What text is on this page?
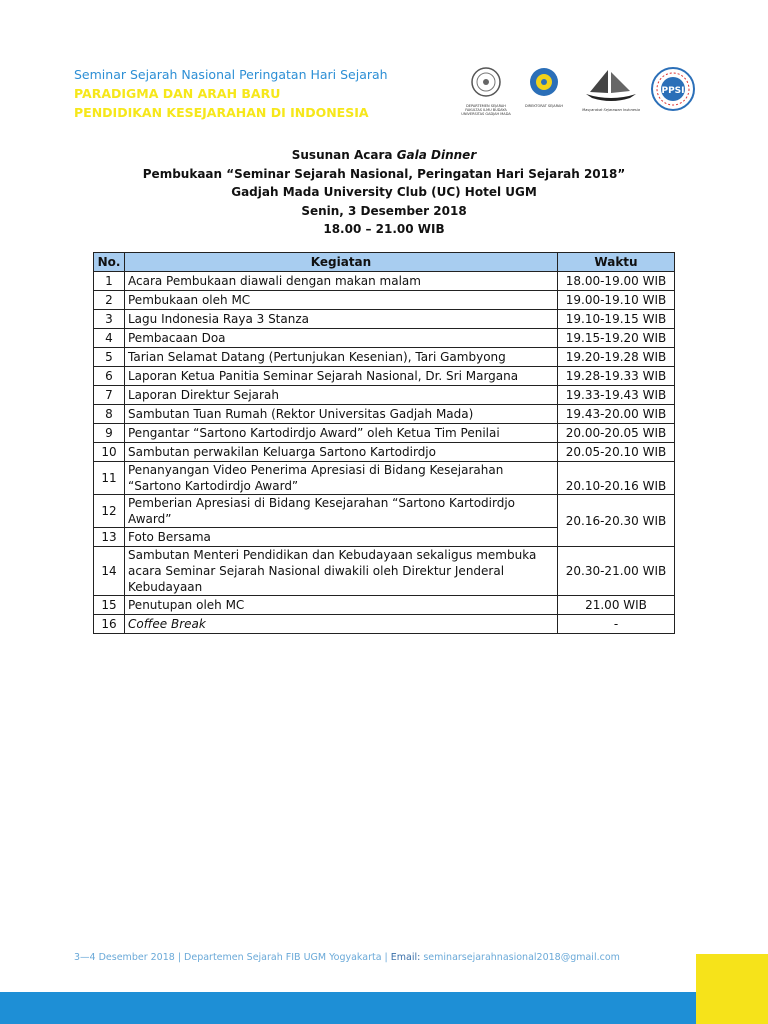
Seminar Sejarah Nasional Peringatan Hari Sejarah
PARADIGMA DAN ARAH BARU
PENDIDIKAN KESEJARAHAN DI INDONESIA	DEPARTEMEN SEJARAH FAKULTAS ILMU BUDAYA UNIVERSITAS GADJAH MADA
DIREKTORAT SEJARAH
Masyarakat Sejarawan Indonesia
PPSI
Susunan Acara Gala Dinner
Pembukaan “Seminar Sejarah Nasional, Peringatan Hari Sejarah 2018”
Gadjah Mada University Club (UC) Hotel UGM
Senin, 3 Desember 2018
18.00 – 21.00 WIB
No.	Kegiatan	Waktu
1	Acara Pembukaan diawali dengan makan malam	18.00-19.00 WIB
2	Pembukaan oleh MC	19.00-19.10 WIB
3	Lagu Indonesia Raya 3 Stanza	19.10-19.15 WIB
4	Pembacaan Doa	19.15-19.20 WIB
5	Tarian Selamat Datang (Pertunjukan Kesenian), Tari Gambyong	19.20-19.28 WIB
6	Laporan Ketua Panitia Seminar Sejarah Nasional, Dr. Sri Margana	19.28-19.33 WIB
7	Laporan Direktur Sejarah	19.33-19.43 WIB
8	Sambutan Tuan Rumah (Rektor Universitas Gadjah Mada)	19.43-20.00 WIB
9	Pengantar “Sartono Kartodirdjo Award” oleh Ketua Tim Penilai	20.00-20.05 WIB
10	Sambutan perwakilan Keluarga Sartono Kartodirdjo	20.05-20.10 WIB
11	Penanyangan Video Penerima Apresiasi di Bidang Kesejarahan “Sartono Kartodirdjo Award”	20.10-20.16 WIB
12	Pemberian Apresiasi di Bidang Kesejarahan “Sartono Kartodirdjo Award”	20.16-20.30 WIB
13	Foto Bersama	
14	Sambutan Menteri Pendidikan dan Kebudayaan sekaligus membuka acara Seminar Sejarah Nasional diwakili oleh Direktur Jenderal Kebudayaan	20.30-21.00 WIB
15	Penutupan oleh MC	21.00 WIB
16	Coffee Break	-
3—4 Desember 2018 | Departemen Sejarah FIB UGM Yogyakarta | Email: seminarsejarahnasional2018@gmail.com
